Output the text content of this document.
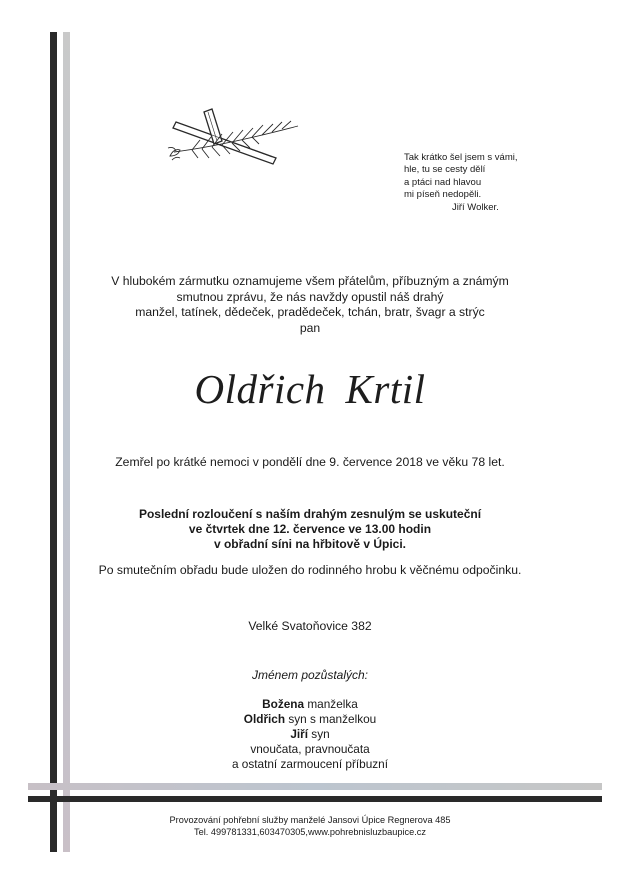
Tak krátko šel jsem s vámi,
hle, tu se cesty dělí
a ptáci nad hlavou
mi píseň nedopěli.
Jiří Wolker.
V hlubokém zármutku oznamujeme všem přátelům, příbuzným a známým
smutnou zprávu, že nás navždy opustil náš drahý
manžel, tatínek, dědeček, pradědeček, tchán, bratr, švagr a strýc
pan
Oldřich Krtil
Zemřel po krátké nemoci v pondělí dne 9. července 2018 ve věku 78 let.
Poslední rozloučení s naším drahým zesnulým se uskuteční
ve čtvrtek dne 12. července ve 13.00 hodin
v obřadní síni na hřbitově v Úpici.
Po smutečním obřadu bude uložen do rodinného hrobu k věčnému odpočinku.
Velké Svatoňovice 382
Jménem pozůstalých:
Božena manželka
Oldřich syn s manželkou
Jiří syn
vnoučata, pravnoučata
a ostatní zarmoucení příbuzní
Provozování pohřební služby manželé Jansovi Úpice Regnerova 485
Tel. 499781331,603470305,www.pohrebnisluzbaupice.cz
